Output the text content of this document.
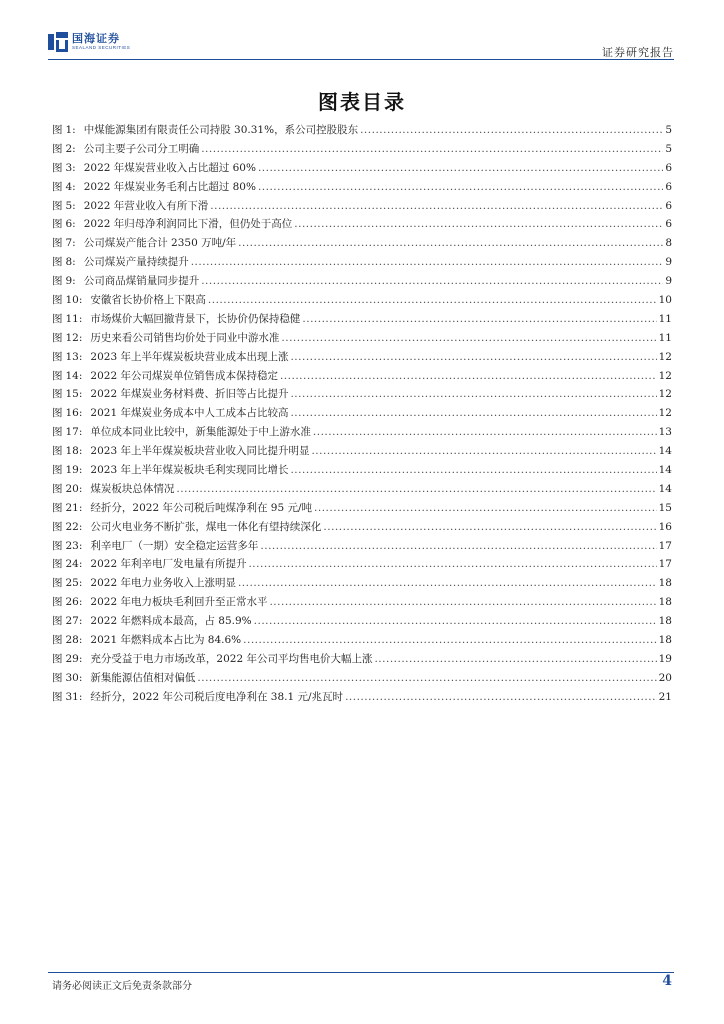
国海证券
SEALAND SECURITIES	证券研究报告
图表目录
图 1: 中煤能源集团有限责任公司持股 30.31%，系公司控股股东 .....	5
图 2: 公司主要子公司分工明确 .....	5
图 3: 2022 年煤炭营业收入占比超过 60% .....	6
图 4: 2022 年煤炭业务毛利占比超过 80% .....	6
图 5: 2022 年营业收入有所下滑 .....	6
图 6: 2022 年归母净利润同比下滑，但仍处于高位 .....	6
图 7: 公司煤炭产能合计 2350 万吨/年 .....	8
图 8: 公司煤炭产量持续提升 .....	9
图 9: 公司商品煤销量同步提升 .....	9
图 10: 安徽省长协价格上下限高 .....	10
图 11: 市场煤价大幅回撤背景下，长协价仍保持稳健 .....	11
图 12: 历史来看公司销售均价处于同业中游水准 .....	11
图 13: 2023 年上半年煤炭板块营业成本出现上涨 .....	12
图 14: 2022 年公司煤炭单位销售成本保持稳定 .....	12
图 15: 2022 年煤炭业务材料费、折旧等占比提升 .....	12
图 16: 2021 年煤炭业务成本中人工成本占比较高 .....	12
图 17: 单位成本同业比较中，新集能源处于中上游水准 .....	13
图 18: 2023 年上半年煤炭板块营业收入同比提升明显 .....	14
图 19: 2023 年上半年煤炭板块毛利实现同比增长 .....	14
图 20: 煤炭板块总体情况 .....	14
图 21: 经折分，2022 年公司税后吨煤净利在 95 元/吨 .....	15
图 22: 公司火电业务不断扩张，煤电一体化有望持续深化 .....	16
图 23: 利辛电厂（一期）安全稳定运营多年 .....	17
图 24: 2022 年利辛电厂发电量有所提升 .....	17
图 25: 2022 年电力业务收入上涨明显 .....	18
图 26: 2022 年电力板块毛利回升至正常水平 .....	18
图 27: 2022 年燃料成本最高，占 85.9% .....	18
图 28: 2021 年燃料成本占比为 84.6% .....	18
图 29: 充分受益于电力市场改革，2022 年公司平均售电价大幅上涨 .....	19
图 30: 新集能源估值相对偏低 .....	20
图 31: 经折分，2022 年公司税后度电净利在 38.1 元/兆瓦时 .....	21
请务必阅读正文后免责条款部分	4
